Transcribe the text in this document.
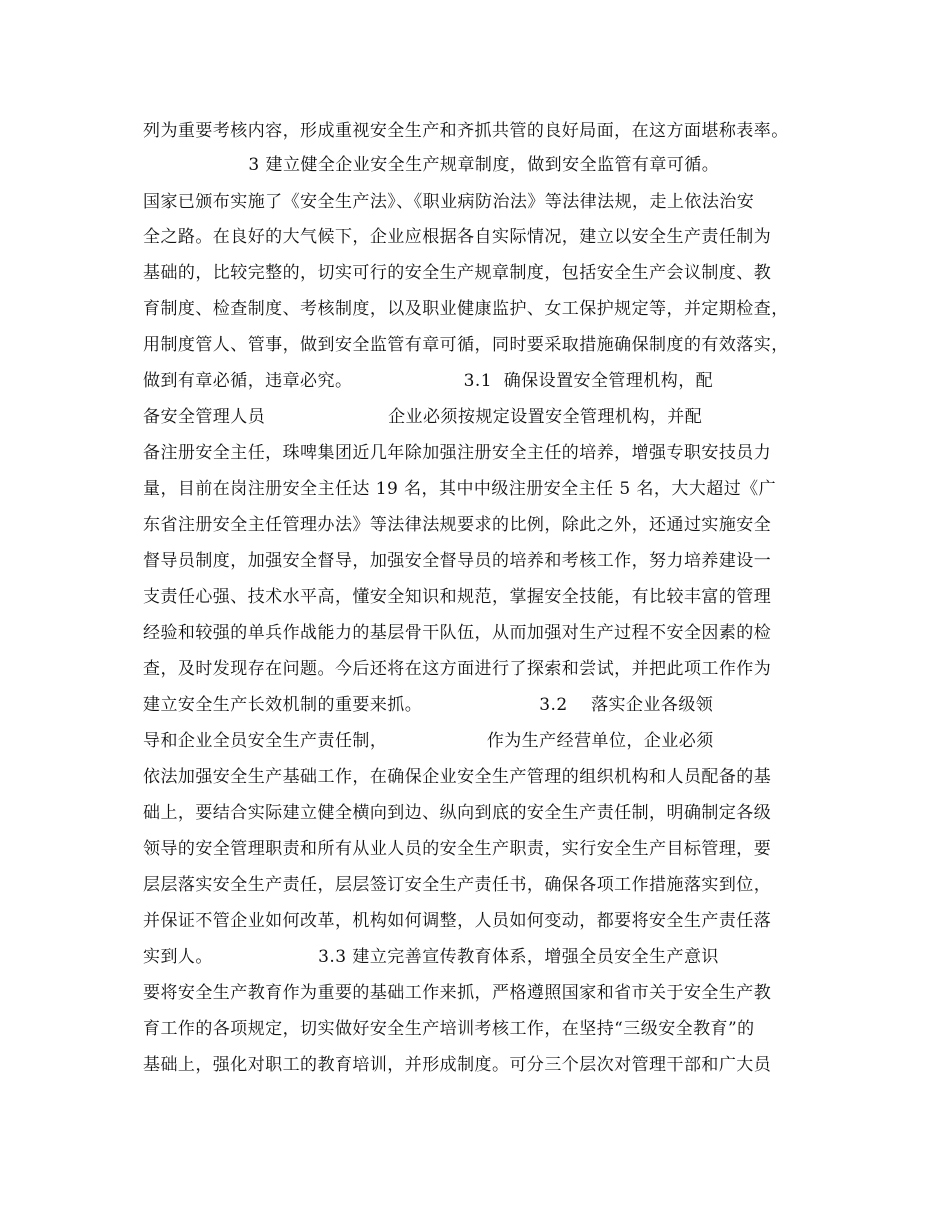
列为重要考核内容，形成重视安全生产和齐抓共管的良好局面，在这方面堪称表率。
3 建立健全企业安全生产规章制度，做到安全监管有章可循。
国家已颁布实施了《安全生产法》、《职业病防治法》等法律法规，走上依法治安
全之路。在良好的大气候下，企业应根据各自实际情况，建立以安全生产责任制为
基础的，比较完整的，切实可行的安全生产规章制度，包括安全生产会议制度、教
育制度、检查制度、考核制度，以及职业健康监护、女工保护规定等，并定期检查，
用制度管人、管事，做到安全监管有章可循，同时要采取措施确保制度的有效落实，
做到有章必循，违章必究。                   3.1  确保设置安全管理机构，配
备安全管理人员                     企业必须按规定设置安全管理机构，并配
备注册安全主任，珠啤集团近几年除加强注册安全主任的培养，增强专职安技员力
量，目前在岗注册安全主任达 19 名，其中中级注册安全主任 5 名，大大超过《广
东省注册安全主任管理办法》等法律法规要求的比例，除此之外，还通过实施安全
督导员制度，加强安全督导，加强安全督导员的培养和考核工作，努力培养建设一
支责任心强、技术水平高，懂安全知识和规范，掌握安全技能，有比较丰富的管理
经验和较强的单兵作战能力的基层骨干队伍，从而加强对生产过程不安全因素的检
查，及时发现存在问题。今后还将在这方面进行了探索和尝试，并把此项工作作为
建立安全生产长效机制的重要来抓。                    3.2    落实企业各级领
导和企业全员安全生产责任制，                 作为生产经营单位，企业必须
依法加强安全生产基础工作，在确保企业安全生产管理的组织机构和人员配备的基
础上，要结合实际建立健全横向到边、纵向到底的安全生产责任制，明确制定各级
领导的安全管理职责和所有从业人员的安全生产职责，实行安全生产目标管理，要
层层落实安全生产责任，层层签订安全生产责任书，确保各项工作措施落实到位，
并保证不管企业如何改革，机构如何调整，人员如何变动，都要将安全生产责任落
实到人。                  3.3 建立完善宣传教育体系，增强全员安全生产意识
要将安全生产教育作为重要的基础工作来抓，严格遵照国家和省市关于安全生产教
育工作的各项规定，切实做好安全生产培训考核工作，在坚持“三级安全教育”的
基础上，强化对职工的教育培训，并形成制度。可分三个层次对管理干部和广大员
